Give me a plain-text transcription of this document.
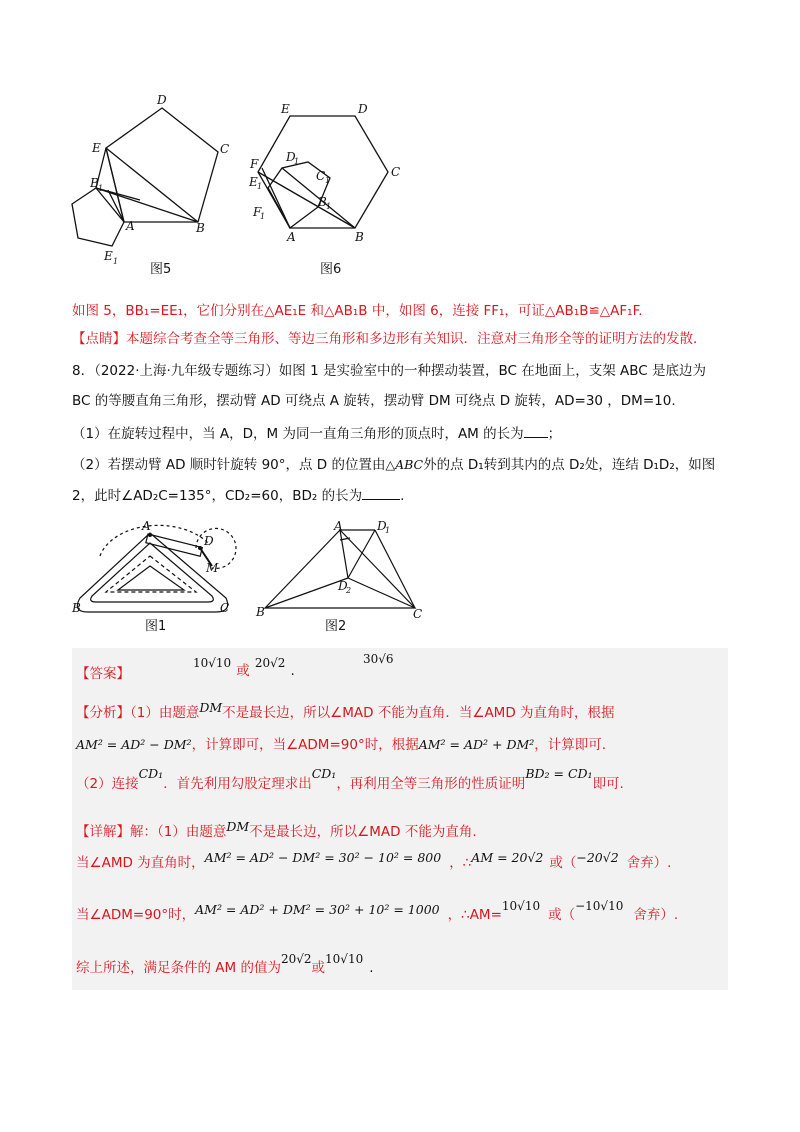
D
C
E
B 1
A	B
E 1
图5
E	D
C
F D
1
C 1
E 1
B 1
F
1
A	B
图6
如图 5，BB₁=EE₁，它们分别在△AE₁E 和△AB₁B 中，如图 6，连接 FF₁，可证△AB₁B≌△AF₁F.
【点睛】本题综合考查全等三角形、等边三角形和多边形有关知识．注意对三角形全等的证明方法的发散．
8．（2022·上海·九年级专题练习）如图 1 是实验室中的一种摆动装置，BC 在地面上，支架 ABC 是底边为
BC 的等腰直角三角形，摆动臂 AD 可绕点 A 旋转，摆动臂 DM 可绕点 D 旋转，AD=30 ，DM=10.
（1）在旋转过程中，当 A，D，M 为同一直角三角形的顶点时，AM 的长为 ；
（2）若摆动臂 AD 顺时针旋转 90°，点 D 的位置由△ABC外的点 D₁转到其内的点 D₂处，连结 D₁D₂，如图
2，此时∠AD₂C=135°，CD₂=60，BD₂ 的长为	.
A
D
M
B	C
图1
A	D
1
D
2
B	C
图2
【答案】
10√10 $_或$ 20√2 $_.$
30√6
【分析】（1）由题意DM不是最长边，所以∠MAD 不能为直角．当∠AMD 为直角时，根据
AM² = AD² − DM²，计算即可，当∠ADM=90°时，根据AM² = AD² + DM²，计算即可.
（2）连接CD₁．首先利用勾股定理求出CD₁，再利用全等三角形的性质证明BD₂ = CD₁即可.
【详解】解：（1）由题意DM不是最长边，所以∠MAD 不能为直角.
当∠AMD 为直角时，AM² = AD² − DM² = 30² − 10² = 800 ，∴AM = 20√2 或（−20√2 舍弃）.
当∠ADM=90°时，AM² = AD² + DM² = 30² + 10² = 1000 ，∴AM=10√10或（−10√10舍弃）.
综上所述，满足条件的 AM 的值为20√2或10√10.
